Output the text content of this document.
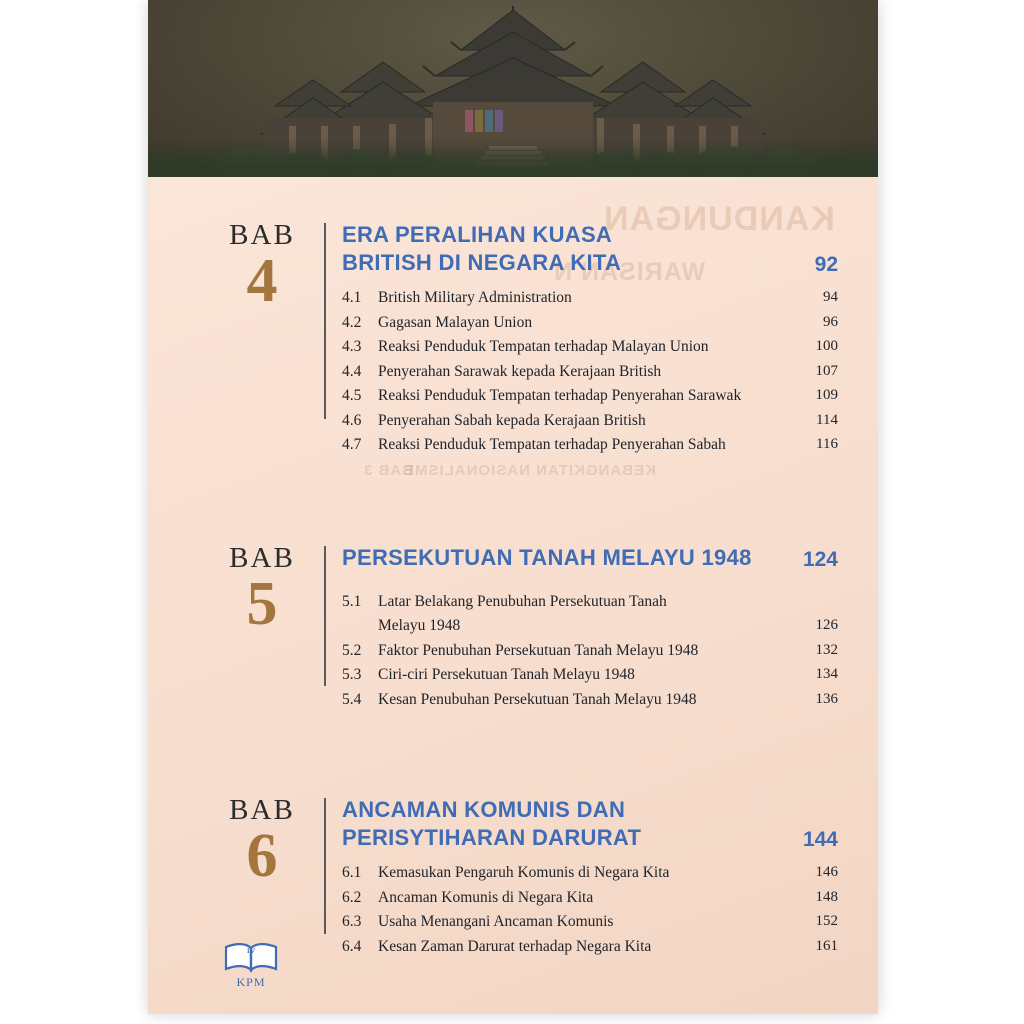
KANDUNGAN
WARISAN N
BAB 3
KEBANGKITAN NASIONALISME
BAB
4
ERA PERALIHAN KUASA
BRITISH DI NEGARA KITA	92
4.1	British Military Administration	94
4.2	Gagasan Malayan Union	96
4.3	Reaksi Penduduk Tempatan terhadap Malayan Union	100
4.4	Penyerahan Sarawak kepada Kerajaan British	107
4.5	Reaksi Penduduk Tempatan terhadap Penyerahan Sarawak	109
4.6	Penyerahan Sabah kepada Kerajaan British	114
4.7	Reaksi Penduduk Tempatan terhadap Penyerahan Sabah	116
BAB
5
PERSEKUTUAN TANAH MELAYU 1948	124
5.1	Latar Belakang Penubuhan Persekutuan Tanah
Melayu 1948	126
5.2	Faktor Penubuhan Persekutuan Tanah Melayu 1948	132
5.3	Ciri-ciri Persekutuan Tanah Melayu 1948	134
5.4	Kesan Penubuhan Persekutuan Tanah Melayu 1948	136
BAB
6
ANCAMAN KOMUNIS DAN
PERISYTIHARAN DARURAT	144
6.1	Kemasukan Pengaruh Komunis di Negara Kita	146
6.2	Ancaman Komunis di Negara Kita	148
6.3	Usaha Menangani Ancaman Komunis	152
6.4	Kesan Zaman Darurat terhadap Negara Kita	161
iv
KPM
